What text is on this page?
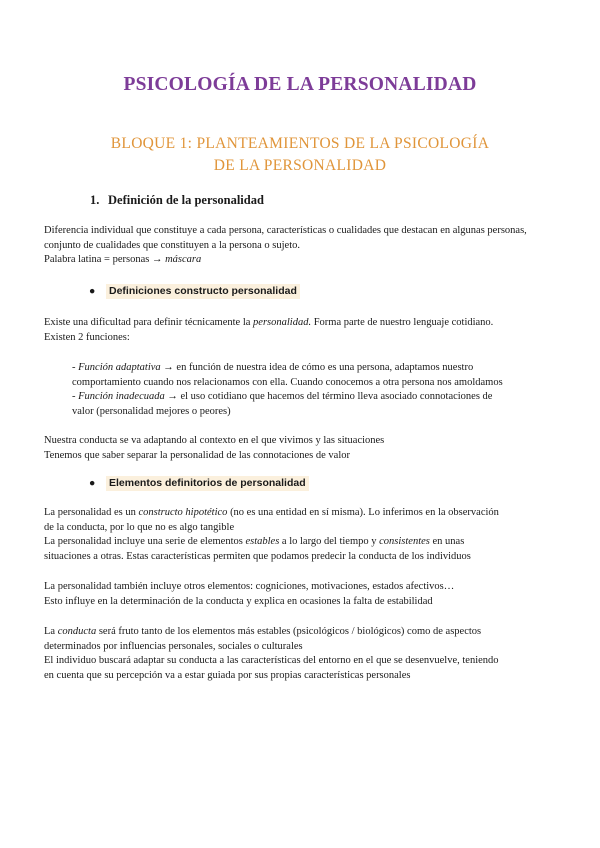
PSICOLOGÍA DE LA PERSONALIDAD
BLOQUE 1: PLANTEAMIENTOS DE LA PSICOLOGÍA
DE LA PERSONALIDAD
1. Definición de la personalidad
Diferencia individual que constituye a cada persona, características o cualidades que destacan en algunas personas,
conjunto de cualidades que constituyen a la persona o sujeto.
Palabra latina = personas → máscara
● Definiciones constructo personalidad
Existe una dificultad para definir técnicamente la personalidad. Forma parte de nuestro lenguaje cotidiano.
Existen 2 funciones:
- Función adaptativa → en función de nuestra idea de cómo es una persona, adaptamos nuestro
comportamiento cuando nos relacionamos con ella. Cuando conocemos a otra persona nos amoldamos
- Función inadecuada → el uso cotidiano que hacemos del término lleva asociado connotaciones de
valor (personalidad mejores o peores)
Nuestra conducta se va adaptando al contexto en el que vivimos y las situaciones
Tenemos que saber separar la personalidad de las connotaciones de valor
● Elementos definitorios de personalidad
La personalidad es un constructo hipotético (no es una entidad en sí misma). Lo inferimos en la observación
de la conducta, por lo que no es algo tangible
La personalidad incluye una serie de elementos estables a lo largo del tiempo y consistentes en unas
situaciones a otras. Estas características permiten que podamos predecir la conducta de los individuos
La personalidad también incluye otros elementos: cogniciones, motivaciones, estados afectivos…
Esto influye en la determinación de la conducta y explica en ocasiones la falta de estabilidad
La conducta será fruto tanto de los elementos más estables (psicológicos / biológicos) como de aspectos
determinados por influencias personales, sociales o culturales
El individuo buscará adaptar su conducta a las características del entorno en el que se desenvuelve, teniendo
en cuenta que su percepción va a estar guiada por sus propias características personales
